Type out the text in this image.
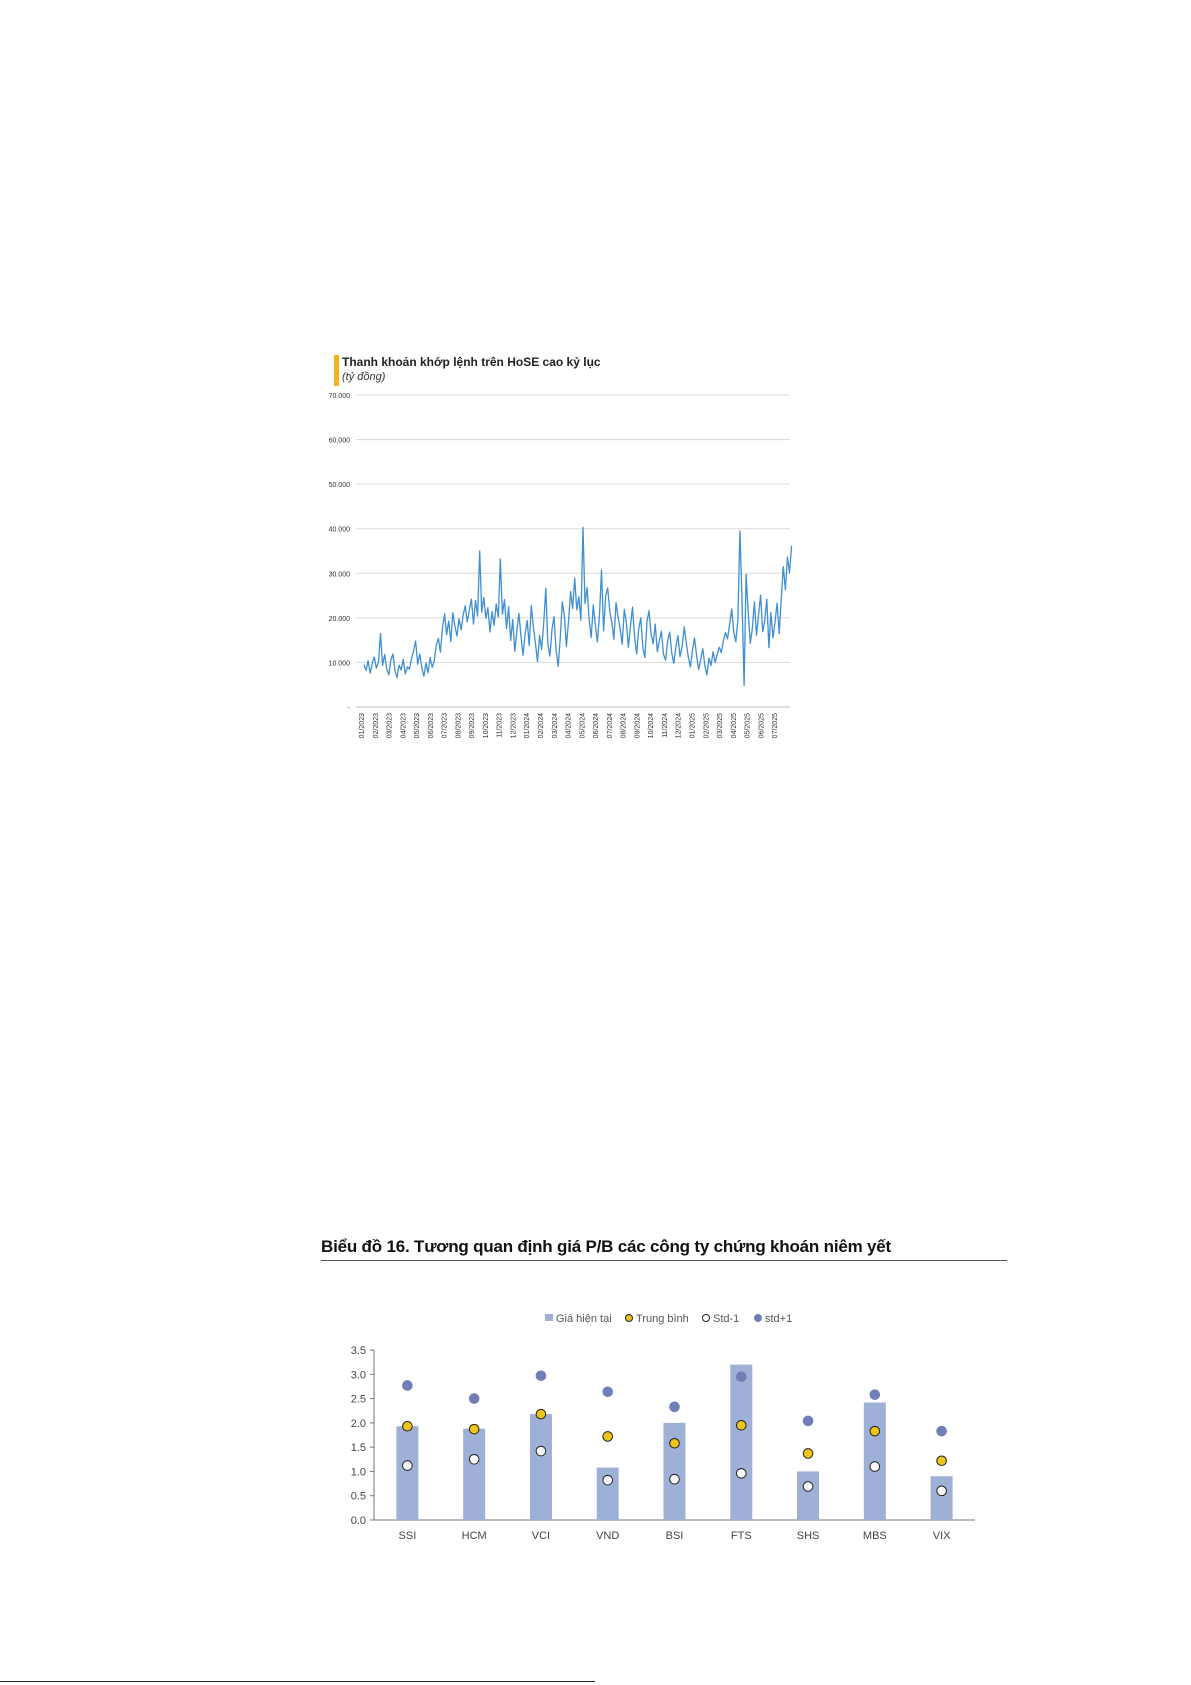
Thanh khoản khớp lệnh trên HoSE cao kỷ lục
(tỷ đồng)
-
10.000
20.000
30.000
40.000
50.000
60.000
70.000
01/2023 02/2023 03/2023 04/2023 05/2023 06/2023 07/2023 08/2023 09/2023 10/2023 11/2023 12/2023 01/2024 02/2024 03/2024 04/2024 05/2024 06/2024 07/2024 08/2024 09/2024 10/2024 11/2024 12/2024 01/2025 02/2025 03/2025 04/2025 05/2025 06/2025 07/2025
Biểu đồ 16. Tương quan định giá P/B các công ty chứng khoán niêm yết
0.0
0.5
1.0
1.5
2.0
2.5
3.0
3.5
SSI	HCM	VCI	VND	BSI	FTS	SHS	MBS	VIX
Giá hiện tại Trung bình Std-1 std+1
